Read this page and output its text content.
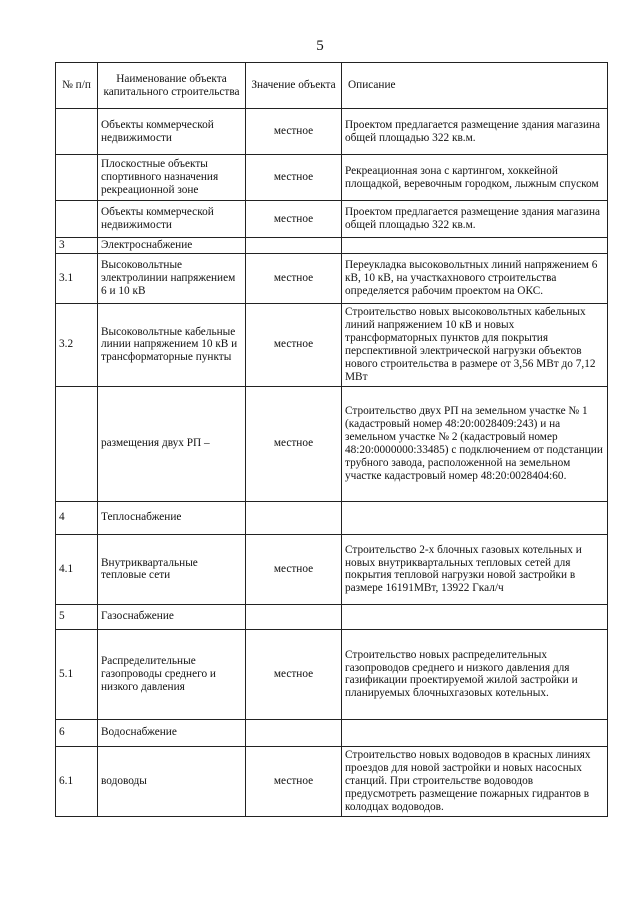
5
№ п/п	Наименование объекта капитального строительства	Значение объекта	Описание
	Объекты коммерческой недвижимости	местное	Проектом предлагается размещение здания магазина общей площадью 322 кв.м.
	Плоскостные объекты спортивного назначения рекреационной зоне	местное	Рекреационная зона с картингом, хоккейной площадкой, веревочным городком, лыжным спуском
	Объекты коммерческой недвижимости	местное	Проектом предлагается размещение здания магазина общей площадью 322 кв.м.
3	Электроснабжение		
3.1	Высоковольтные электролинии напряжением 6 и 10 кВ	местное	Переукладка высоковольтных линий напряжением 6 кВ, 10 кВ, на участкахнового строительства определяется рабочим проектом на ОКС.
3.2	Высоковольтные кабельные линии напряжением 10 кВ и трансформаторные пункты	местное	Строительство новых высоковольтных кабельных линий напряжением 10 кВ и новых трансформаторных пунктов для покрытия перспективной электрической нагрузки объектов нового строительства в размере от 3,56 МВт до 7,12 МВт
	размещения двух РП –	местное	Строительство двух РП на земельном участке № 1 (кадастровый номер 48:20:0028409:243) и на земельном участке № 2 (кадастровый номер 48:20:0000000:33485) с подключением от подстанции трубного завода, расположенной на земельном участке кадастровый номер 48:20:0028404:60.
4	Теплоснабжение		
4.1	Внутриквартальные тепловые сети	местное	Строительство 2-х блочных газовых котельных и новых внутриквартальных тепловых сетей для покрытия тепловой нагрузки новой застройки в размере 16191МВт, 13922 Гкал/ч
5	Газоснабжение		
5.1	Распределительные газопроводы среднего и низкого давления	местное	Строительство новых распределительных газопроводов среднего и низкого давления для газификации проектируемой жилой застройки и планируемых блочныхгазовых котельных.
6	Водоснабжение		
6.1	водоводы	местное	Строительство новых водоводов в красных линиях проездов для новой застройки и новых насосных станций. При строительстве водоводов предусмотреть размещение пожарных гидрантов в колодцах водоводов.
